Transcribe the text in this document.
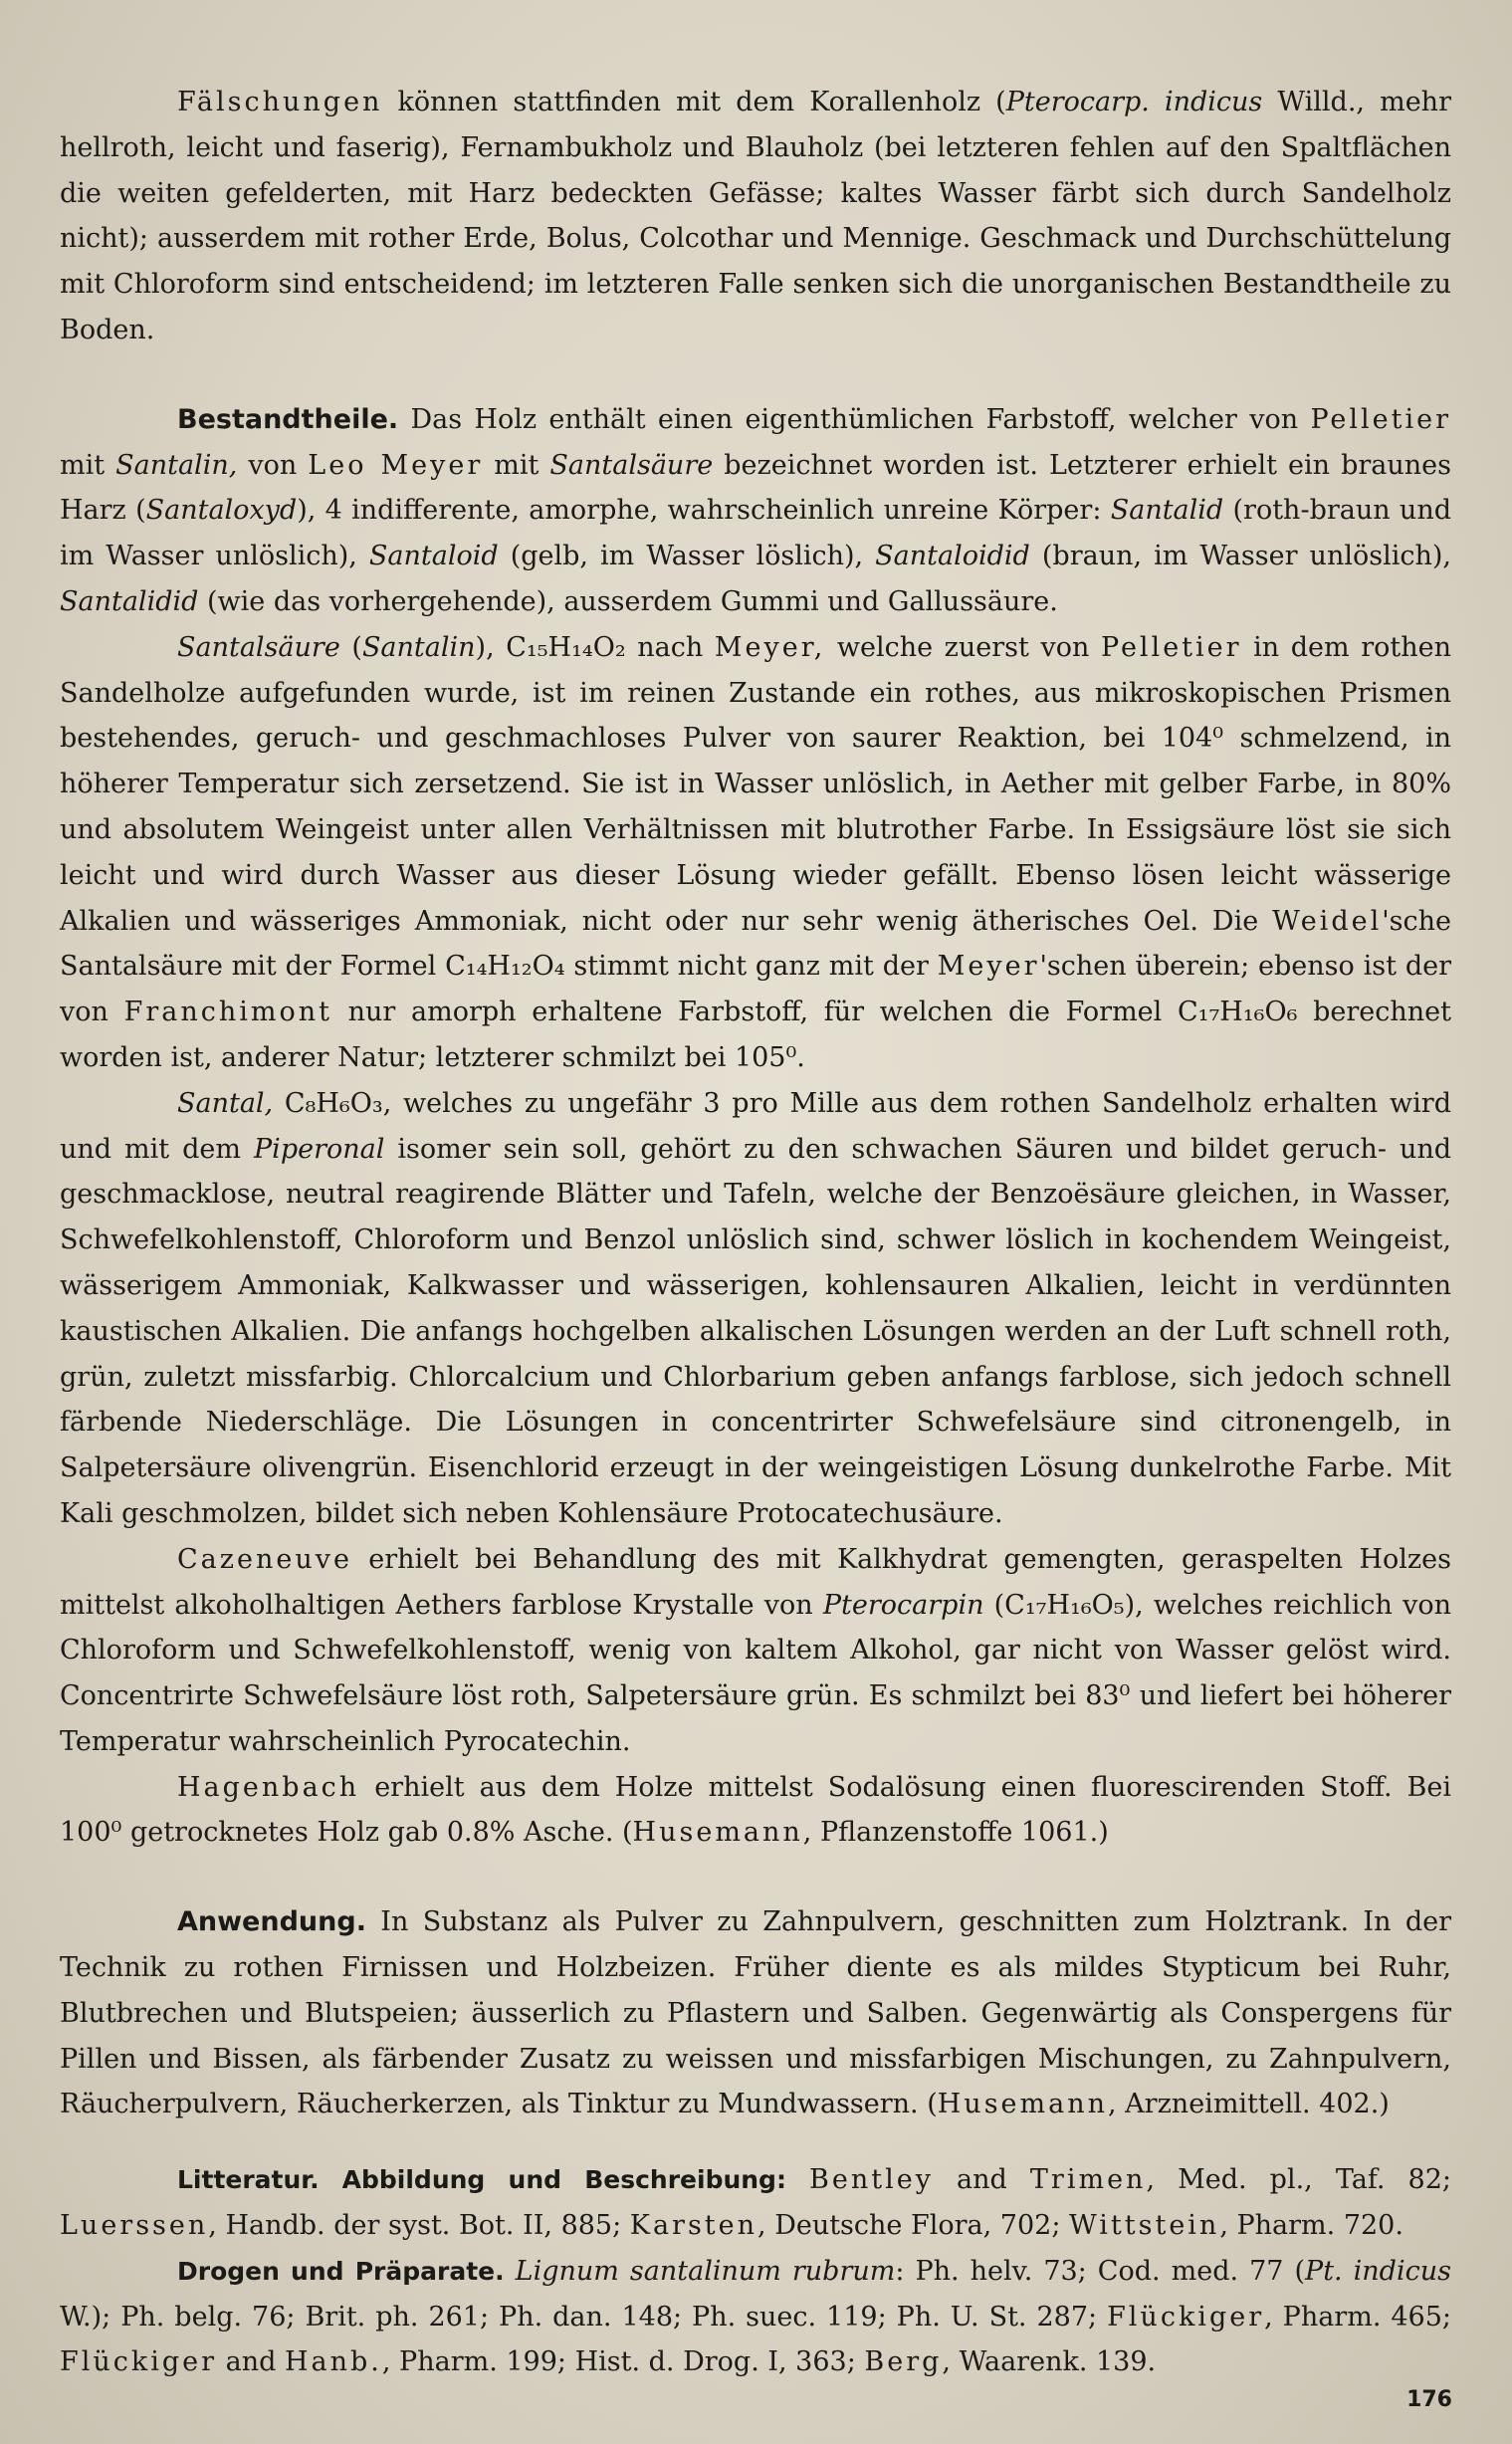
Fälschungen können stattfinden mit dem Korallenholz (Pterocarp. indicus Willd., mehr hellroth, leicht und faserig), Fernambukholz und Blauholz (bei letzteren fehlen auf den Spaltflächen die weiten gefelderten, mit Harz bedeckten Gefässe; kaltes Wasser färbt sich durch Sandelholz nicht); ausserdem mit rother Erde, Bolus, Colcothar und Mennige. Geschmack und Durchschüttelung mit Chloroform sind entscheidend; im letzteren Falle senken sich die unorganischen Bestandtheile zu Boden.

Bestandtheile. Das Holz enthält einen eigenthümlichen Farbstoff, welcher von Pelletier mit Santalin, von Leo Meyer mit Santalsäure bezeichnet worden ist. Letzterer erhielt ein braunes Harz (Santaloxyd), 4 indifferente, amorphe, wahrscheinlich unreine Körper: Santalid (roth-braun und im Wasser unlöslich), Santaloid (gelb, im Wasser löslich), Santaloidid (braun, im Wasser unlöslich), Santalidid (wie das vorhergehende), ausserdem Gummi und Gallussäure.

Santalsäure (Santalin), C₁₅H₁₄O₂ nach Meyer, welche zuerst von Pelletier in dem rothen Sandelholze aufgefunden wurde, ist im reinen Zustande ein rothes, aus mikroskopischen Prismen bestehendes, geruch- und geschmachloses Pulver von saurer Reaktion, bei 104⁰ schmelzend, in höherer Temperatur sich zersetzend. Sie ist in Wasser unlöslich, in Aether mit gelber Farbe, in 80% und absolutem Weingeist unter allen Verhältnissen mit blutrother Farbe. In Essigsäure löst sie sich leicht und wird durch Wasser aus dieser Lösung wieder gefällt. Ebenso lösen leicht wässerige Alkalien und wässeriges Ammoniak, nicht oder nur sehr wenig ätherisches Oel. Die Weidel'sche Santalsäure mit der Formel C₁₄H₁₂O₄ stimmt nicht ganz mit der Meyer'schen überein; ebenso ist der von Franchimont nur amorph erhaltene Farbstoff, für welchen die Formel C₁₇H₁₆O₆ berechnet worden ist, anderer Natur; letzterer schmilzt bei 105⁰.

Santal, C₈H₆O₃, welches zu ungefähr 3 pro Mille aus dem rothen Sandelholz erhalten wird und mit dem Piperonal isomer sein soll, gehört zu den schwachen Säuren und bildet geruch- und geschmacklose, neutral reagirende Blätter und Tafeln, welche der Benzoësäure gleichen, in Wasser, Schwefelkohlenstoff, Chloroform und Benzol unlöslich sind, schwer löslich in kochendem Weingeist, wässerigem Ammoniak, Kalkwasser und wässerigen, kohlensauren Alkalien, leicht in verdünnten kaustischen Alkalien. Die anfangs hochgelben alkalischen Lösungen werden an der Luft schnell roth, grün, zuletzt missfarbig. Chlorcalcium und Chlorbarium geben anfangs farblose, sich jedoch schnell färbende Niederschläge. Die Lösungen in concentrirter Schwefelsäure sind citronengelb, in Salpetersäure olivengrün. Eisenchlorid erzeugt in der weingeistigen Lösung dunkelrothe Farbe. Mit Kali geschmolzen, bildet sich neben Kohlensäure Protocatechusäure.

Cazeneuve erhielt bei Behandlung des mit Kalkhydrat gemengten, geraspelten Holzes mittelst alkoholhaltigen Aethers farblose Krystalle von Pterocarpin (C₁₇H₁₆O₅), welches reichlich von Chloroform und Schwefelkohlenstoff, wenig von kaltem Alkohol, gar nicht von Wasser gelöst wird. Concentrirte Schwefelsäure löst roth, Salpetersäure grün. Es schmilzt bei 83⁰ und liefert bei höherer Temperatur wahrscheinlich Pyrocatechin.

Hagenbach erhielt aus dem Holze mittelst Sodalösung einen fluorescirenden Stoff. Bei 100⁰ getrocknetes Holz gab 0.8% Asche. (Husemann, Pflanzenstoffe 1061.)

Anwendung. In Substanz als Pulver zu Zahnpulvern, geschnitten zum Holztrank. In der Technik zu rothen Firnissen und Holzbeizen. Früher diente es als mildes Stypticum bei Ruhr, Blutbrechen und Blutspeien; äusserlich zu Pflastern und Salben. Gegenwärtig als Conspergens für Pillen und Bissen, als färbender Zusatz zu weissen und missfarbigen Mischungen, zu Zahnpulvern, Räucherpulvern, Räucherkerzen, als Tinktur zu Mundwassern. (Husemann, Arzneimittell. 402.)

Litteratur. Abbildung und Beschreibung: Bentley and Trimen, Med. pl., Taf. 82; Luerssen, Handb. der syst. Bot. II, 885; Karsten, Deutsche Flora, 702; Wittstein, Pharm. 720.

Drogen und Präparate. Lignum santalinum rubrum: Ph. helv. 73; Cod. med. 77 (Pt. indicus W.); Ph. belg. 76; Brit. ph. 261; Ph. dan. 148; Ph. suec. 119; Ph. U. St. 287; Flückiger, Pharm. 465; Flückiger and Hanb., Pharm. 199; Hist. d. Drog. I, 363; Berg, Waarenk. 139.

176
